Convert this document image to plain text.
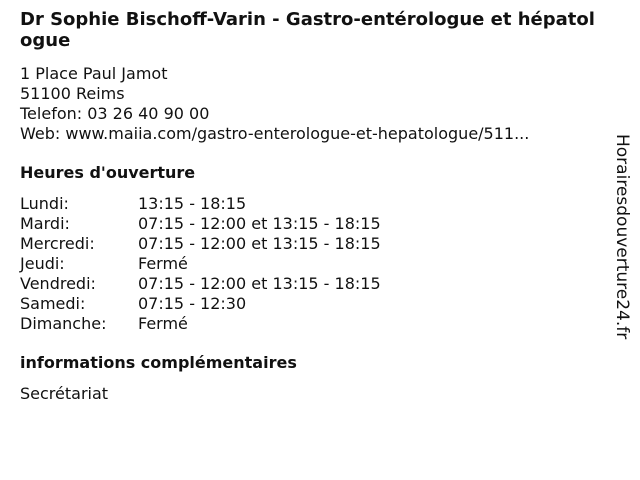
Dr Sophie Bischoff-Varin - Gastro-entérologue et hépatologue
1 Place Paul Jamot
51100 Reims
Telefon: 03 26 40 90 00
Web: www.maiia.com/gastro-enterologue-et-hepatologue/511...
Heures d'ouverture
Lundi:	13:15 - 18:15
Mardi:	07:15 - 12:00 et 13:15 - 18:15
Mercredi:	07:15 - 12:00 et 13:15 - 18:15
Jeudi:	Fermé
Vendredi:	07:15 - 12:00 et 13:15 - 18:15
Samedi:	07:15 - 12:30
Dimanche: Fermé
informations complémentaires
Secrétariat
Horairesdouverture24.fr
